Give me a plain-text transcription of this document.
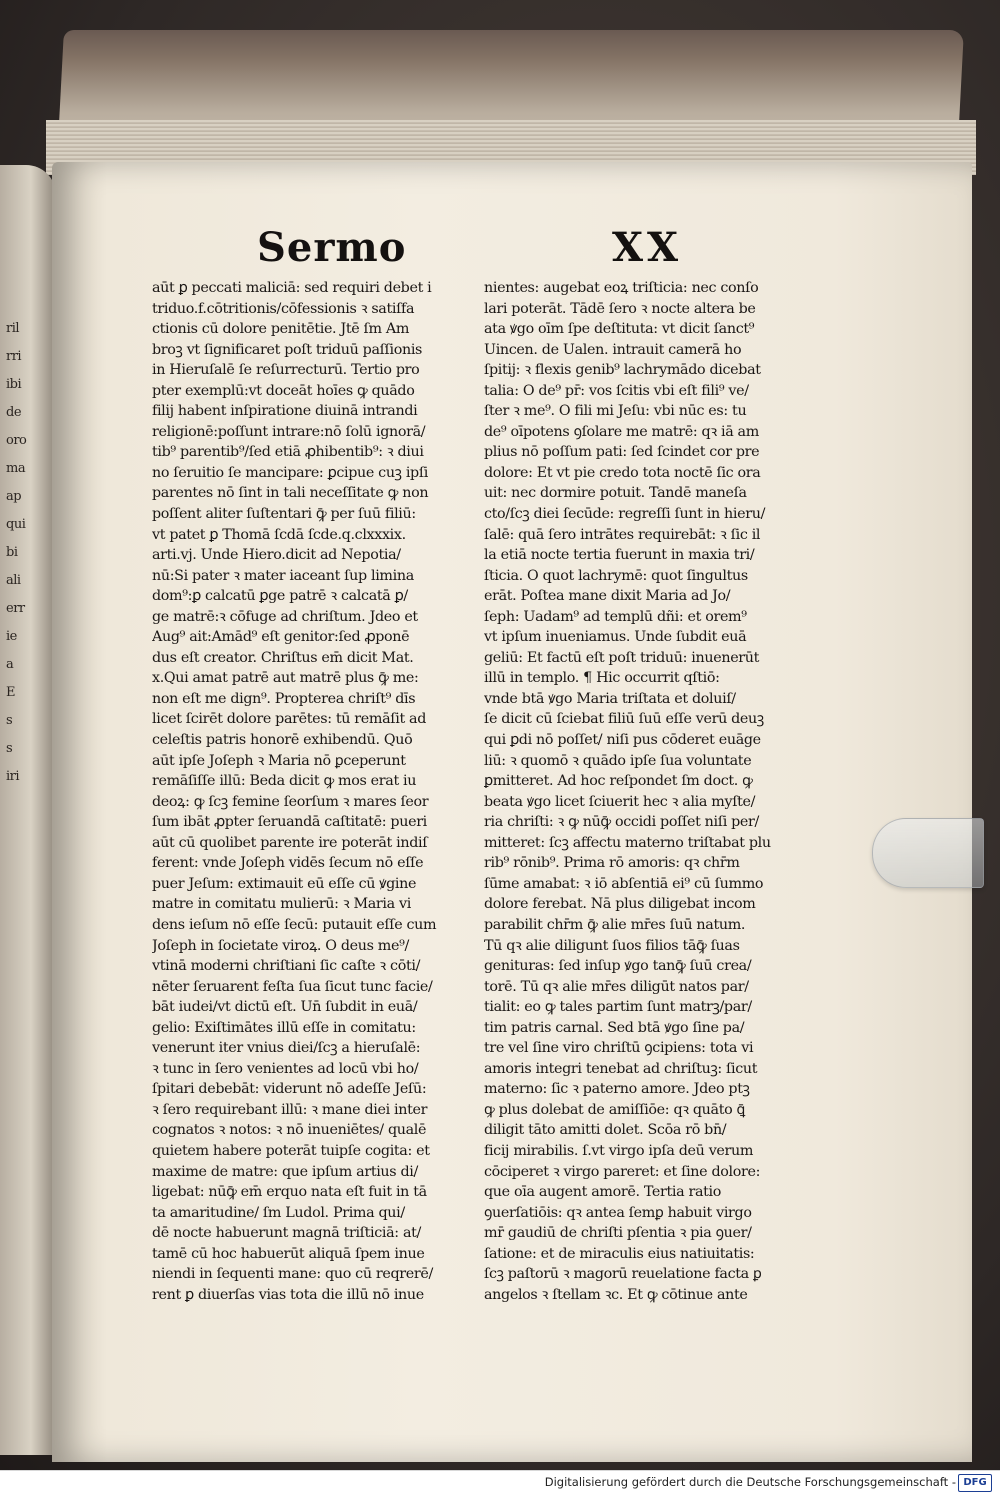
ril
rri
ibi
de
oro
ma
ap
qui
bi
ali
err
ie
a
E
s
s
iri
Sermo	XX
aūt ꝑ peccati maliciā: sed requiri debet i
triduo.f.cōtritionis/cōfessionis ꝛ satiſfa
ctionis cū dolore penitētie. Jtē ſm Am
broꝫ vt ſignificaret poſt triduū paſſionis
in Hieruſalē ſe reſurrecturū. Tertio pro
pter exemplū:vt doceāt hoīes ꝙ quādo
filij habent inſpiratione diuinā intrandi
religionē:poſſunt intrare:nō ſolū ignorā/
tib⁹ parentib⁹/ſed etiā ꝓhibentib⁹: ꝛ diui
no ſeruitio ſe mancipare: ꝑcipue cuꝫ ipſi
parentes nō ſint in tali neceſſitate ꝙ non
poſſent aliter ſuſtentari ꝙ̄ per ſuū filiū:
vt patet ꝑ Thomā ſcdā ſcde.q.clxxxix.
arti.vj. Unde Hiero.dicit ad Nepotia/
nū:Si pater ꝛ mater iaceant ſup limina
dom⁹:ꝑ calcatū ꝑge patrē ꝛ calcatā ꝑ/
ge matrē:ꝛ cōfuge ad chriſtum. Jdeo et
Aug⁹ ait:Amād⁹ eſt genitor:ſed ꝓponē
dus eſt creator. Chriſtus em̄ dicit Mat.
x.Qui amat patrē aut matrē plus ꝙ̄ me:
non eſt me dign⁹. Propterea chriſt⁹ dīs
licet ſcirēt dolore parētes: tū remāſit ad
celeſtis patris honorē exhibendū. Quō
aūt ipſe Joſeph ꝛ Maria nō ꝑceperunt
remāſiſſe illū: Beda dicit ꝙ mos erat iu
deoꝝ: ꝙ ſcꝫ femine ſeorſum ꝛ mares ſeor
ſum ibāt ꝓpter ſeruandā caſtitatē: pueri
aūt cū quolibet parente ire poterāt indiſ
ferent: vnde Joſeph vidēs ſecum nō eſſe
puer Jeſum: extimauit eū eſſe cū ꝟgine
matre in comitatu mulierū: ꝛ Maria vi
dens ieſum nō eſſe ſecū: putauit eſſe cum
Joſeph in ſocietate viroꝝ. O deus me⁹/
vtinā moderni chriſtiani ſic caſte ꝛ cōti/
nēter ſeruarent feſta ſua ſicut tunc facie/
bāt iudei/vt dictū eſt. Un̄ ſubdit in euā/
gelio: Exiſtimātes illū eſſe in comitatu:
venerunt iter vnius diei/ſcꝫ a hieruſalē:
ꝛ tunc in ſero venientes ad locū vbi ho/
ſpitari debebāt: viderunt nō adeſſe Jeſū:
ꝛ ſero requirebant illū: ꝛ mane diei inter
cognatos ꝛ notos: ꝛ nō inueniētes/ qualē
quietem habere poterāt tuipſe cogita: et
maxime de matre: que ipſum artius di/
ligebat: nūꝙ̄ em̄ erquo nata eſt fuit in tā
ta amaritudine/ ſm Ludol. Prima qui/
dē nocte habuerunt magnā triſticiā: at/
tamē cū hoc habuerūt aliquā ſpem inue
niendi in ſequenti mane: quo cū reqrerē/
rent ꝑ diuerſas vias tota die illū nō inue
nientes: augebat eoꝝ triſticia: nec conſo
lari poterāt. Tādē ſero ꝛ nocte altera be
ata ꝟgo oīm ſpe deſtituta: vt dicit ſanct⁹
Uincen. de Ualen. intrauit camerā ho
ſpitij: ꝛ flexis genib⁹ lachrymādo dicebat
talia: O de⁹ pr̄: vos ſcitis vbi eſt fili⁹ ve/
ſter ꝛ me⁹. O fili mi Jeſu: vbi nūc es: tu
de⁹ oīpotens ꝯſolare me matrē: qꝛ iā am
plius nō poſſum pati: ſed ſcindet cor pre
dolore: Et vt pie credo tota noctē ſic ora
uit: nec dormire potuit. Tandē maneſa
cto/ſcꝫ diei ſecūde: regreſſi ſunt in hieru/
ſalē: quā ſero intrātes requirebāt: ꝛ ſic il
la etiā nocte tertia fuerunt in maxia tri/
ſticia. O quot lachrymē: quot ſingultus
erāt. Poſtea mane dixit Maria ad Jo/
ſeph: Uadam⁹ ad templū dñi: et orem⁹
vt ipſum inueniamus. Unde ſubdit euā
geliū: Et factū eſt poſt triduū: inuenerūt
illū in templo. ¶ Hic occurrit qſtiō:
vnde btā ꝟgo Maria triſtata et doluiſ/
ſe dicit cū ſciebat filiū ſuū eſſe verū deuꝫ
qui ꝑdi nō poſſet/ niſi pus cōderet euāge
liū: ꝛ quomō ꝛ quādo ipſe ſua voluntate
ꝑmitteret. Ad hoc reſpondet ſm doct. ꝙ
beata ꝟgo licet ſciuerit hec ꝛ alia myſte/
ria chriſti: ꝛ ꝙ nūꝙ̄ occidi poſſet niſi per/
mitteret: ſcꝫ affectu materno triſtabat plu
rib⁹ rōnib⁹. Prima rō amoris: qꝛ chr̄m
ſūme amabat: ꝛ iō abſentiā ei⁹ cū ſummo
dolore ferebat. Nā plus diligebat incom
parabilit chr̄m ꝙ̄ alie mr̄es ſuū natum.
Tū qꝛ alie diligunt ſuos filios tāꝙ̄ ſuas
genituras: ſed inſup ꝟgo tanꝙ̄ ſuū crea/
torē. Tū qꝛ alie mr̄es diligūt natos par/
tialit: eo ꝙ tales partim ſunt matrꝫ/par/
tim patris carnal. Sed btā ꝟgo ſine pa/
tre vel ſine viro chriſtū ꝯcipiens: tota vi
amoris integri tenebat ad chriſtuꝫ: ſicut
materno: ſic ꝛ paterno amore. Jdeo ptꝫ
ꝙ plus dolebat de amiſſiōe: qꝛ quāto ꝗ̄
diligit tāto amitti dolet. Scōa rō bn̄/
ficij mirabilis. ſ.vt virgo ipſa deū verum
cōciperet ꝛ virgo pareret: et ſine dolore:
que oīa augent amorē. Tertia ratio
ꝯuerſatiōis: qꝛ antea ſemꝑ habuit virgo
mr̄ gaudiū de chriſti pſentia ꝛ pia ꝯuer/
ſatione: et de miraculis eius natiuitatis:
ſcꝫ paſtorū ꝛ magorū reuelatione facta ꝑ
angelos ꝛ ſtellam ꝛc. Et ꝙ cōtinue ante
Digitalisierung gefördert durch die Deutsche Forschungsgemeinschaft - DFG
